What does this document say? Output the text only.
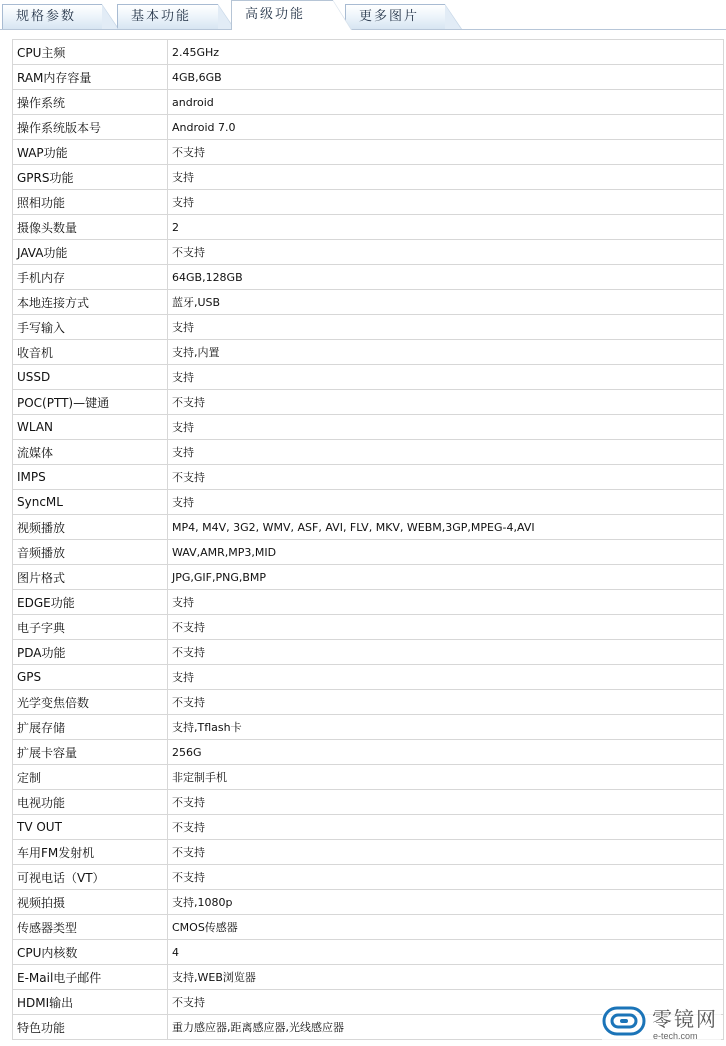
规格参数	基本功能	高级功能	更多图片
CPU主频	2.45GHz
RAM内存容量	4GB,6GB
操作系统	android
操作系统版本号	Android 7.0
WAP功能	不支持
GPRS功能	支持
照相功能	支持
摄像头数量	2
JAVA功能	不支持
手机内存	64GB,128GB
本地连接方式	蓝牙,USB
手写输入	支持
收音机	支持,内置
USSD	支持
POC(PTT)—键通	不支持
WLAN	支持
流媒体	支持
IMPS	不支持
SyncML	支持
视频播放	MP4, M4V, 3G2, WMV, ASF, AVI, FLV, MKV, WEBM,3GP,MPEG-4,AVI
音频播放	WAV,AMR,MP3,MID
图片格式	JPG,GIF,PNG,BMP
EDGE功能	支持
电子字典	不支持
PDA功能	不支持
GPS	支持
光学变焦倍数	不支持
扩展存储	支持,Tflash卡
扩展卡容量	256G
定制	非定制手机
电视功能	不支持
TV OUT	不支持
车用FM发射机	不支持
可视电话（VT）	不支持
视频拍摄	支持,1080p
传感器类型	CMOS传感器
CPU内核数	4
E-Mail电子邮件	支持,WEB浏览器
HDMI输出	不支持
特色功能	重力感应器,距离感应器,光线感应器	零镜网
e-tech.com
